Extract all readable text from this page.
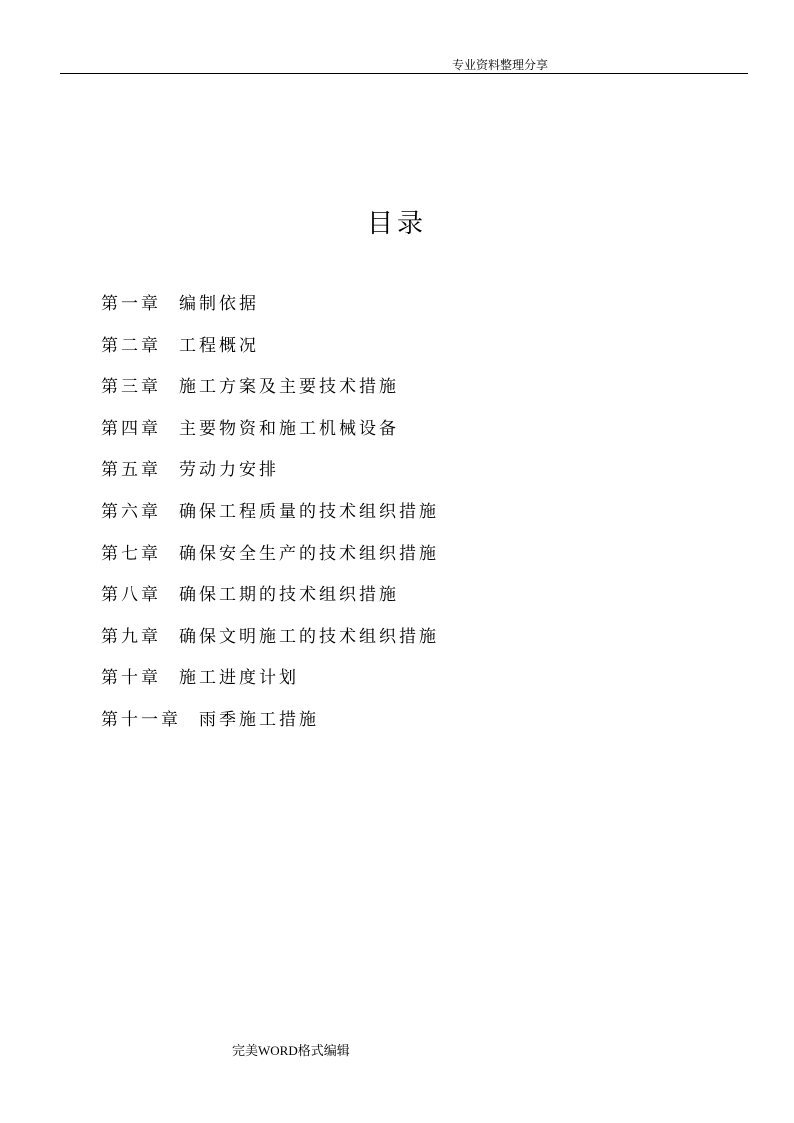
专业资料整理分享
目录
第一章 编制依据
第二章 工程概况
第三章 施工方案及主要技术措施
第四章 主要物资和施工机械设备
第五章 劳动力安排
第六章 确保工程质量的技术组织措施
第七章 确保安全生产的技术组织措施
第八章 确保工期的技术组织措施
第九章 确保文明施工的技术组织措施
第十章 施工进度计划
第十一章 雨季施工措施
完美WORD格式编辑
